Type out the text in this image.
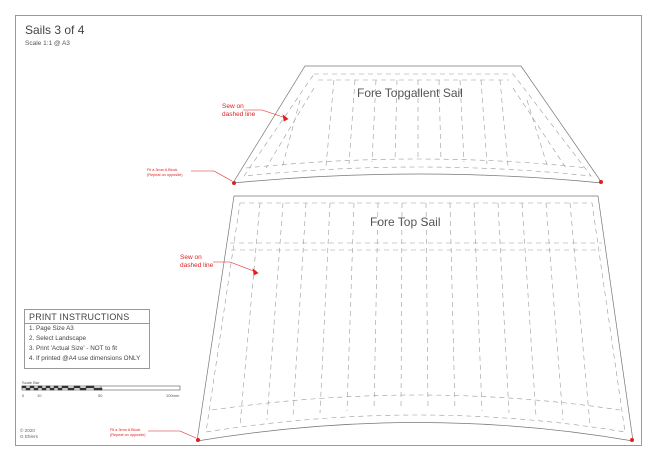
Sails 3 of 4
Scale 1:1 @ A3
Fore Topgallent Sail
Fore Top Sail
Sew on
dashed line
Sew on
dashed line
Fit a 3mm A Block
(Repeat on opposite)
Fit a 3mm A Block
(Repeat on opposite)
PRINT INSTRUCTIONS
1. Page Size A3
2. Select Landscape
3. Print 'Actual Size' - NOT to fit
4. If printed @A4 use dimensions ONLY
Scale Bar
0	10	50	100mm
© 2020
G Ehlers
